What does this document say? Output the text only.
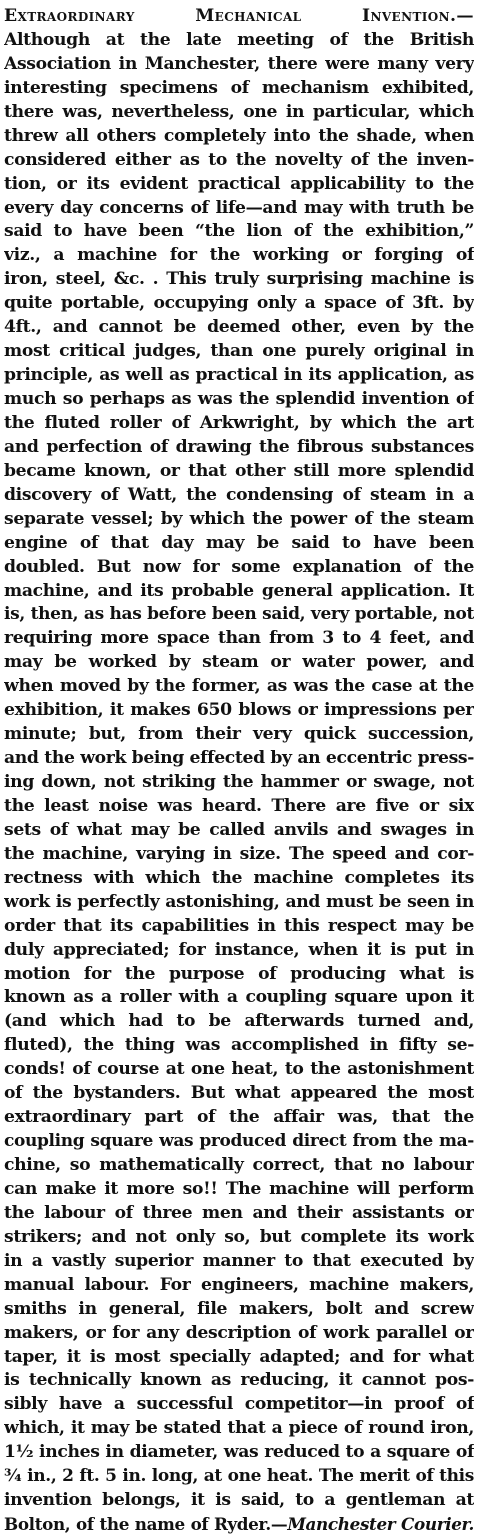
Extraordinary Mechanical Invention.—
Although at the late meeting of the British
Association in Manchester, there were many very
interesting specimens of mechanism exhibited,
there was, nevertheless, one in particular, which
threw all others completely into the shade, when
considered either as to the novelty of the inven-
tion, or its evident practical applicability to the
every day concerns of life—and may with truth be
said to have been “the lion of the exhibition,”
viz., a machine for the working or forging of
iron, steel, &c. . This truly surprising machine is
quite portable, occupying only a space of 3ft. by
4ft., and cannot be deemed other, even by the
most critical judges, than one purely original in
principle, as well as practical in its application, as
much so perhaps as was the splendid invention of
the fluted roller of Arkwright, by which the art
and perfection of drawing the fibrous substances
became known, or that other still more splendid
discovery of Watt, the condensing of steam in a
separate vessel; by which the power of the steam
engine of that day may be said to have been
doubled. But now for some explanation of the
machine, and its probable general application. It
is, then, as has before been said, very portable, not
requiring more space than from 3 to 4 feet, and
may be worked by steam or water power, and
when moved by the former, as was the case at the
exhibition, it makes 650 blows or impressions per
minute; but, from their very quick succession,
and the work being effected by an eccentric press-
ing down, not striking the hammer or swage, not
the least noise was heard. There are five or six
sets of what may be called anvils and swages in
the machine, varying in size. The speed and cor-
rectness with which the machine completes its
work is perfectly astonishing, and must be seen in
order that its capabilities in this respect may be
duly appreciated; for instance, when it is put in
motion for the purpose of producing what is
known as a roller with a coupling square upon it
(and which had to be afterwards turned and,
fluted), the thing was accomplished in fifty se-
conds! of course at one heat, to the astonishment
of the bystanders. But what appeared the most
extraordinary part of the affair was, that the
coupling square was produced direct from the ma-
chine, so mathematically correct, that no labour
can make it more so!! The machine will perform
the labour of three men and their assistants or
strikers; and not only so, but complete its work
in a vastly superior manner to that executed by
manual labour. For engineers, machine makers,
smiths in general, file makers, bolt and screw
makers, or for any description of work parallel or
taper, it is most specially adapted; and for what
is technically known as reducing, it cannot pos-
sibly have a successful competitor—in proof of
which, it may be stated that a piece of round iron,
1½ inches in diameter, was reduced to a square of
¾ in., 2 ft. 5 in. long, at one heat. The merit of this
invention belongs, it is said, to a gentleman at
Bolton, of the name of Ryder.—Manchester Courier.
